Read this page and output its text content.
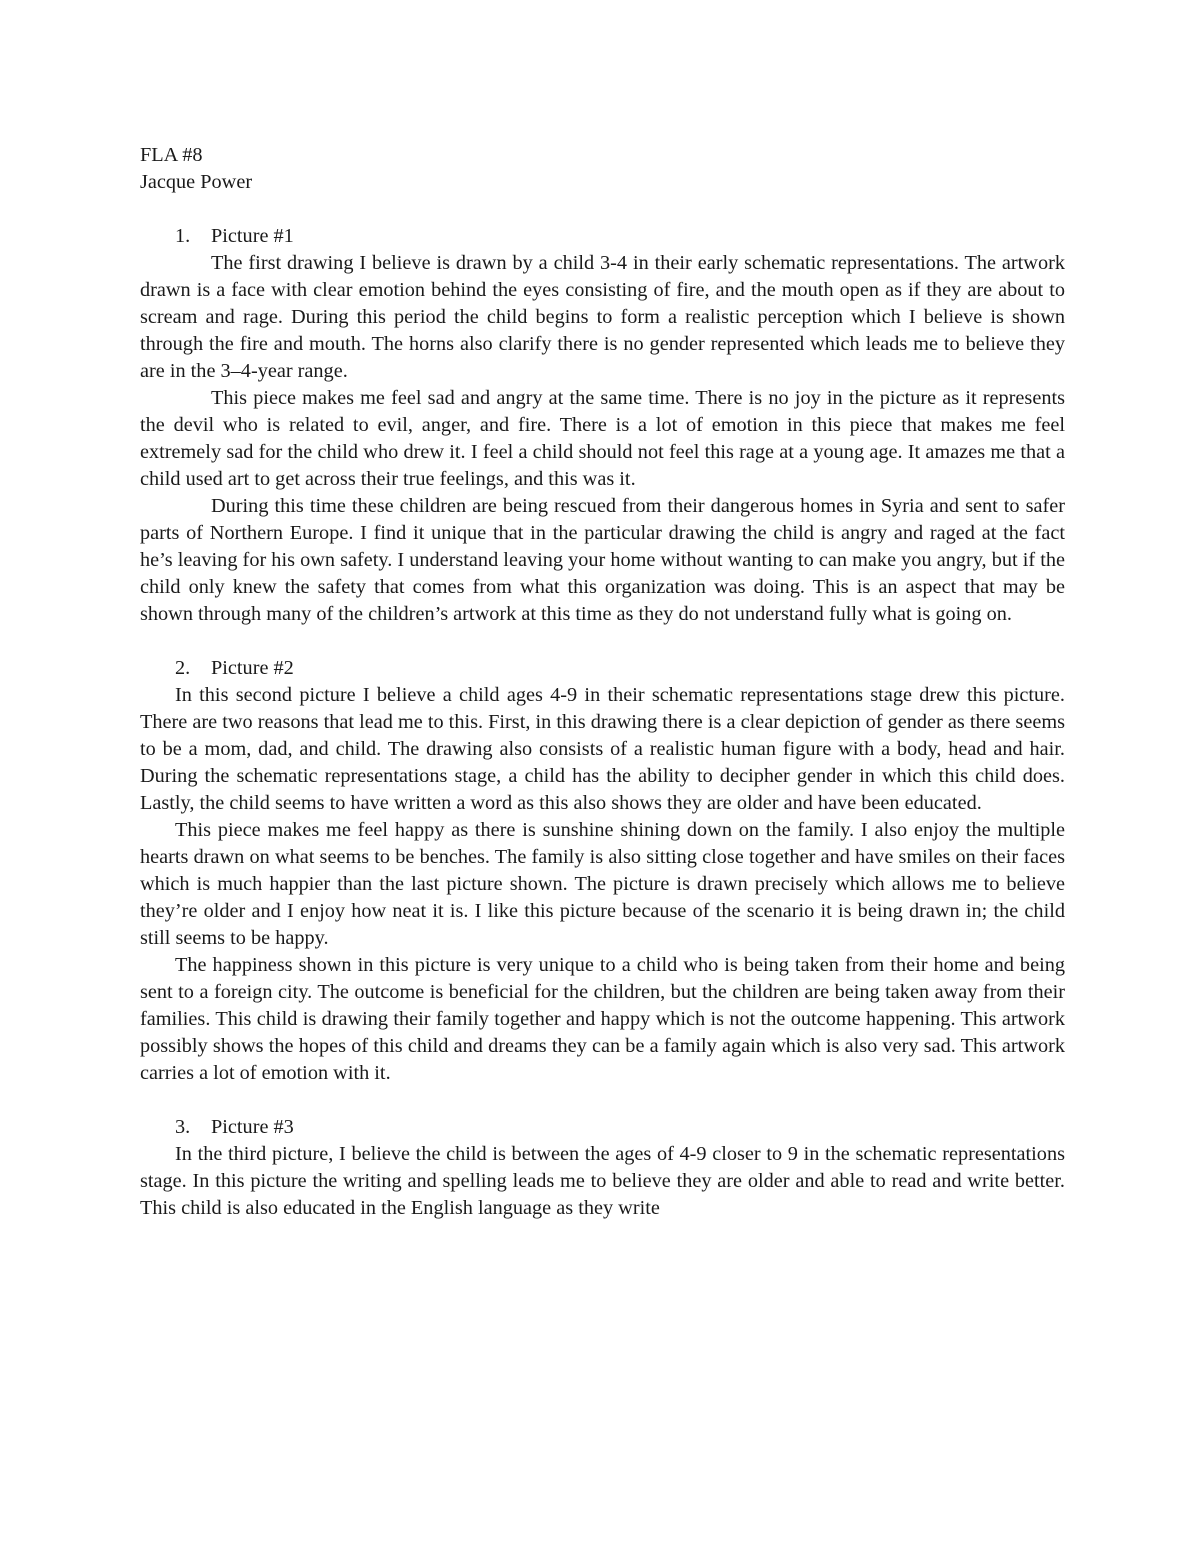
FLA #8
Jacque Power
1. Picture #1

The first drawing I believe is drawn by a child 3-4 in their early schematic representations. The artwork drawn is a face with clear emotion behind the eyes consisting of fire, and the mouth open as if they are about to scream and rage. During this period the child begins to form a realistic perception which I believe is shown through the fire and mouth. The horns also clarify there is no gender represented which leads me to believe they are in the 3–4-year range.

This piece makes me feel sad and angry at the same time. There is no joy in the picture as it represents the devil who is related to evil, anger, and fire. There is a lot of emotion in this piece that makes me feel extremely sad for the child who drew it. I feel a child should not feel this rage at a young age. It amazes me that a child used art to get across their true feelings, and this was it.

During this time these children are being rescued from their dangerous homes in Syria and sent to safer parts of Northern Europe. I find it unique that in the particular drawing the child is angry and raged at the fact he’s leaving for his own safety. I understand leaving your home without wanting to can make you angry, but if the child only knew the safety that comes from what this organization was doing. This is an aspect that may be shown through many of the children’s artwork at this time as they do not understand fully what is going on.

2. Picture #2

In this second picture I believe a child ages 4-9 in their schematic representations stage drew this picture. There are two reasons that lead me to this. First, in this drawing there is a clear depiction of gender as there seems to be a mom, dad, and child. The drawing also consists of a realistic human figure with a body, head and hair. During the schematic representations stage, a child has the ability to decipher gender in which this child does. Lastly, the child seems to have written a word as this also shows they are older and have been educated.

This piece makes me feel happy as there is sunshine shining down on the family. I also enjoy the multiple hearts drawn on what seems to be benches. The family is also sitting close together and have smiles on their faces which is much happier than the last picture shown. The picture is drawn precisely which allows me to believe they’re older and I enjoy how neat it is. I like this picture because of the scenario it is being drawn in; the child still seems to be happy.

The happiness shown in this picture is very unique to a child who is being taken from their home and being sent to a foreign city. The outcome is beneficial for the children, but the children are being taken away from their families. This child is drawing their family together and happy which is not the outcome happening. This artwork possibly shows the hopes of this child and dreams they can be a family again which is also very sad. This artwork carries a lot of emotion with it.

3. Picture #3

In the third picture, I believe the child is between the ages of 4-9 closer to 9 in the schematic representations stage. In this picture the writing and spelling leads me to believe they are older and able to read and write better. This child is also educated in the English language as they write
